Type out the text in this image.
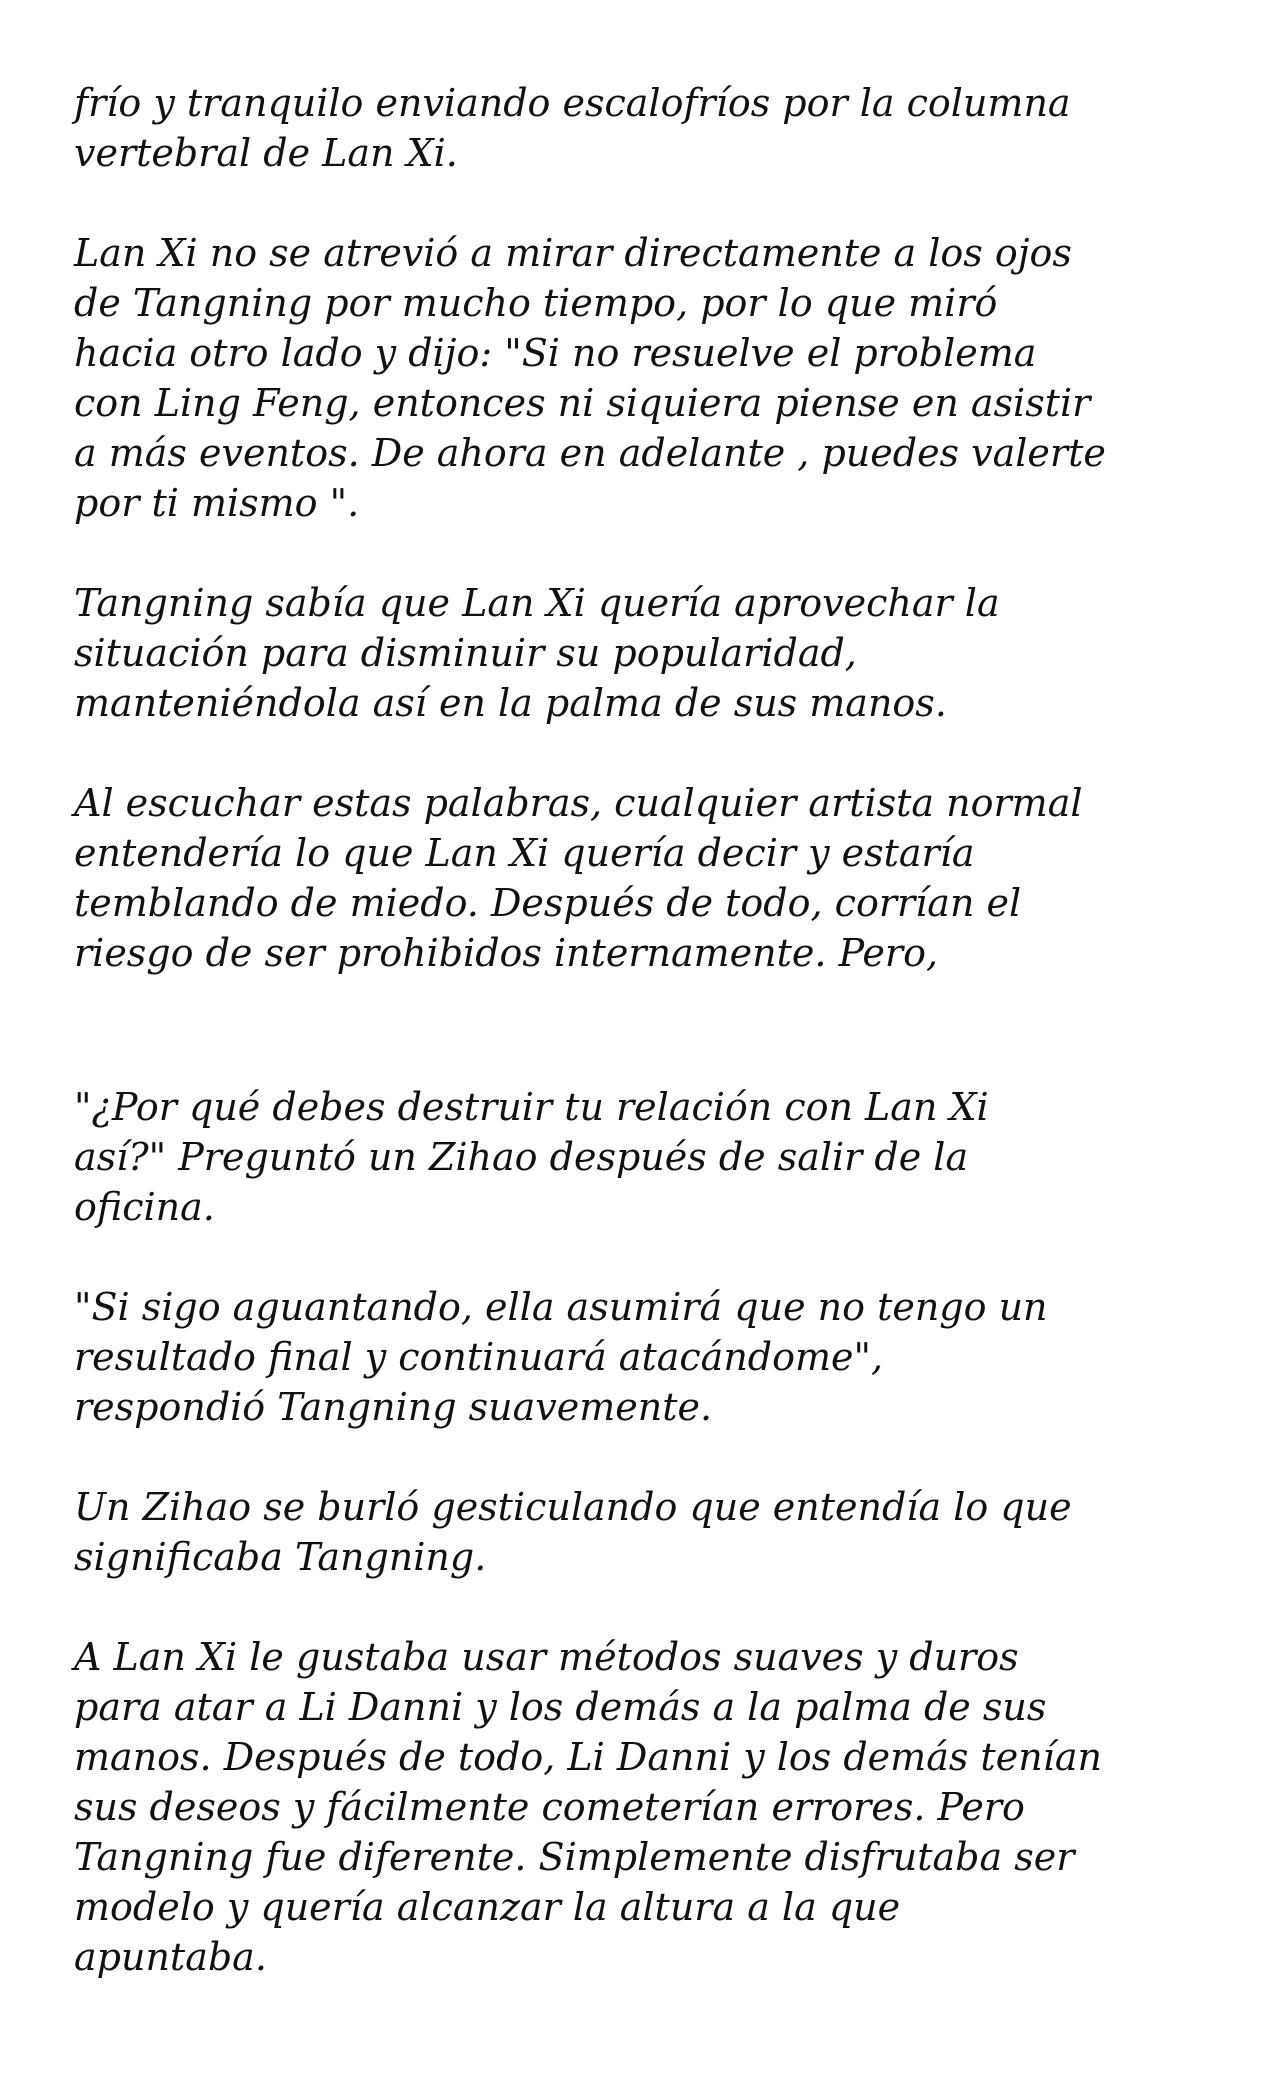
frío y tranquilo enviando escalofríos por la columna
vertebral de Lan Xi.

Lan Xi no se atrevió a mirar directamente a los ojos
de Tangning por mucho tiempo, por lo que miró
hacia otro lado y dijo: "Si no resuelve el problema
con Ling Feng, entonces ni siquiera piense en asistir
a más eventos. De ahora en adelante , puedes valerte
por ti mismo ".

Tangning sabía que Lan Xi quería aprovechar la
situación para disminuir su popularidad,
manteniéndola así en la palma de sus manos.

Al escuchar estas palabras, cualquier artista normal
entendería lo que Lan Xi quería decir y estaría
temblando de miedo. Después de todo, corrían el
riesgo de ser prohibidos internamente. Pero,

"¿Por qué debes destruir tu relación con Lan Xi
así?" Preguntó un Zihao después de salir de la
oficina.

"Si sigo aguantando, ella asumirá que no tengo un
resultado final y continuará atacándome",
respondió Tangning suavemente.

Un Zihao se burló gesticulando que entendía lo que
significaba Tangning.

A Lan Xi le gustaba usar métodos suaves y duros
para atar a Li Danni y los demás a la palma de sus
manos. Después de todo, Li Danni y los demás tenían
sus deseos y fácilmente cometerían errores. Pero
Tangning fue diferente. Simplemente disfrutaba ser
modelo y quería alcanzar la altura a la que
apuntaba.
